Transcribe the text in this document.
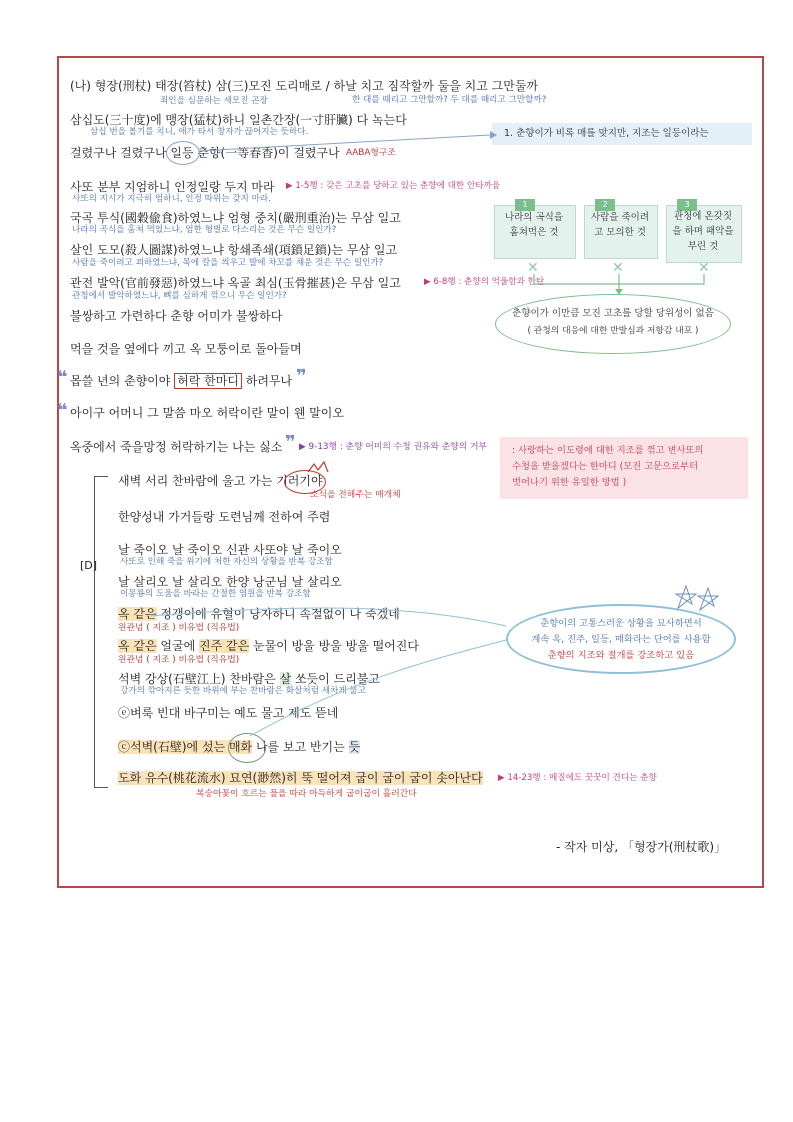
(나) 형장(刑杖) 태장(笞杖) 삼(三)모진 도리매로 / 하날 치고 짐작할까 둘을 치고 그만둘까
죄인을 심문하는 세모진 곤장	한 대를 때리고 그만할까? 두 대를 때리고 그만할까?
삼십도(三十度)에 맹장(猛杖)하니 일촌간장(一寸肝臟) 다 녹는다
삼십 번을 볼기를 치니, 애가 타서 창자가 끊어지는 듯하다.
걸렸구나 걸렸구나 일등 춘향(一等春香)이 걸렸구나 AABA형구조
사또 분부 지엄하니 인정일랑 두지 마라 ▶ 1-5행 : 갖은 고초를 당하고 있는 춘향에 대한 안타까움
사또의 지시가 지극히 엄하니, 인정 따위는 갖지 마라.
국곡 투식(國穀偸食)하였느냐 엄형 중치(嚴刑重治)는 무삼 일고
나라의 곡식을 훔쳐 먹었느냐, 엄한 형벌로 다스리는 것은 무슨 일인가?
살인 도모(殺人圖謀)하였느냐 항쇄족쇄(項鎖足鎖)는 무삼 일고
사람을 죽이려고 꾀하였느냐, 목에 칼을 씌우고 발에 차꼬를 채운 것은 무슨 일인가?
관전 발악(官前發惡)하였느냐 옥골 최심(玉骨摧甚)은 무삼 일고	▶ 6-8행 : 춘향의 억울함과 한탄
관청에서 발악하였느냐, 뼈를 심하게 꺾으니 무슨 일인가?
불쌍하고 가련하다 춘향 어미가 불쌍하다
먹을 것을 옆에다 끼고 옥 모퉁이로 돌아들며
❝ 몹쓸 년의 춘향이야 허락 한마디 하려무나 ❞
❝ 아이구 어머니 그 말씀 마오 허락이란 말이 웬 말이오
옥중에서 죽을망정 허락하기는 나는 싫소 ❞ ▶ 9-13행 : 춘향 어미의 수청 권유와 춘향의 거부
[D]
새벽 서리 찬바람에 울고 가는 기러기야
소식을 전해주는 매개체
한양성내 가거들랑 도련님께 전하여 주렴
날 죽이오 날 죽이오 신관 사또야 날 죽이오
사또로 인해 죽을 위기에 처한 자신의 상황을 반복 강조함
날 살리오 날 살리오 한양 낭군님 날 살리오
이몽룡의 도움을 바라는 간절한 염원을 반복 강조함
옥 같은 정갱이에 유혈이 낭자하니 속절없이 나 죽겠네
원관념 ( 지조 ) 비유법 (직유법)
옥 같은 얼굴에 진주 같은 눈물이 방울 방울 방울 떨어진다
원관념 ( 지조 ) 비유법 (직유법)
석벽 강상(石壁江上) 찬바람은 살 쏘듯이 드리불고
강가의 깎아지른 듯한 바위에 부는 찬바람은 화살처럼 세차게 불고
ⓔ벼룩 빈대 바구미는 예도 물고 제도 뜯네
ⓒ석벽(石壁)에 섰는 매화 나를 보고 반기는 듯
도화 유수(桃花流水) 묘연(渺然)히 뚝 떨어져 굽이 굽이 굽이 솟아난다 ▶ 14-23행 : 매질에도 꿋꿋이 견디는 춘향
복숭아꽃이 흐르는 물을 따라 아득하게 굽이굽이 흘러간다
1. 춘향이가 비록 매를 맞지만, 지조는 일등이라는
1
나라의 곡식을
훔쳐먹은 것
2
사람을 죽이려
고 모의한 것
3
관청에 온갖짓
을 하며 패악을
부린 것
✕	✕	✕
춘향이가 이만큼 모진 고초를 당할 당위성이 없음
( 관청의 대응에 대한 반발심과 저항감 내포 )
: 사랑하는 이도령에 대한 지조를 꺾고 변사또의
수청을 받을겠다는 한마디 (모진 고문으로부터
벗어나기 위한 유일한 방법 )
춘향이의 고통스러운 상황을 묘사하면서
계속 옥, 진주, 일등, 매화라는 단어를 사용함
춘향의 지조와 절개를 강조하고 있음
- 작자 미상, 「형장가(刑杖歌)」
